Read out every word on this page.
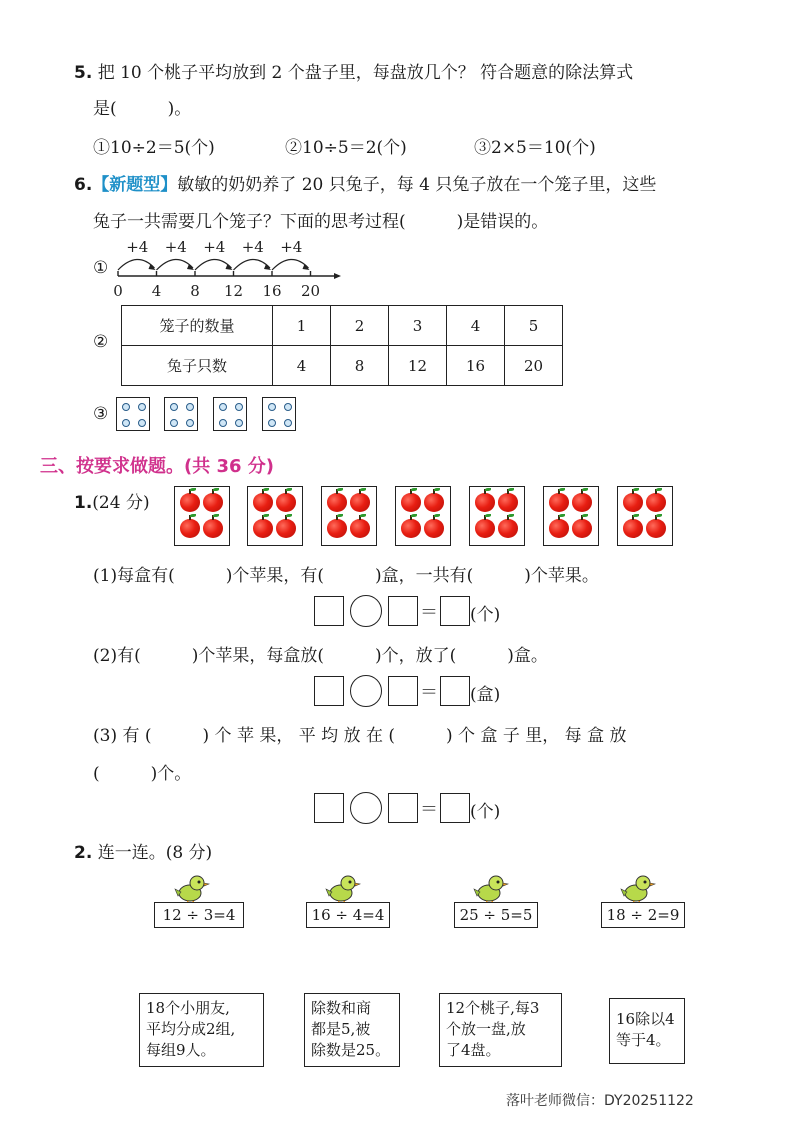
5. 把 10 个桃子平均放到 2 个盘子里，每盘放几个？ 符合题意的除法算式
是(　　　)。
①10÷2＝5(个)	②10÷5＝2(个)	③2×5＝10(个)
6.【新题型】敏敏的奶奶养了 20 只兔子，每 4 只兔子放在一个笼子里，这些
兔子一共需要几个笼子？下面的思考过程(　　　)是错误的。
①
0 4 8 12 16 20
+4 +4 +4 +4 +4
②
笼子的数量	1	2	3	4	5
兔子只数	4	8	12	16	20
③
三、按要求做题。(共 36 分)
1.(24 分)
(1)每盒有(　　　)个苹果，有(　　　)盒，一共有(　　　)个苹果。
＝ (个)
(2)有(　　　)个苹果，每盒放(　　　)个，放了(　　　)盒。
＝ (盒)
(3) 有 (　　　) 个 苹 果， 平 均 放 在 (　　　) 个 盒 子 里， 每 盒 放
(　　　)个。
＝ (个)
2. 连一连。(8 分)
12 ÷ 3=4	16 ÷ 4=4	25 ÷ 5=5	18 ÷ 2=9
18个小朋友,
平均分成2组,
每组9人。
除数和商
都是5,被
除数是25。
12个桃子,每3
个放一盘,放
了4盘。
16除以4
等于4。
落叶老师微信：DY20251122
